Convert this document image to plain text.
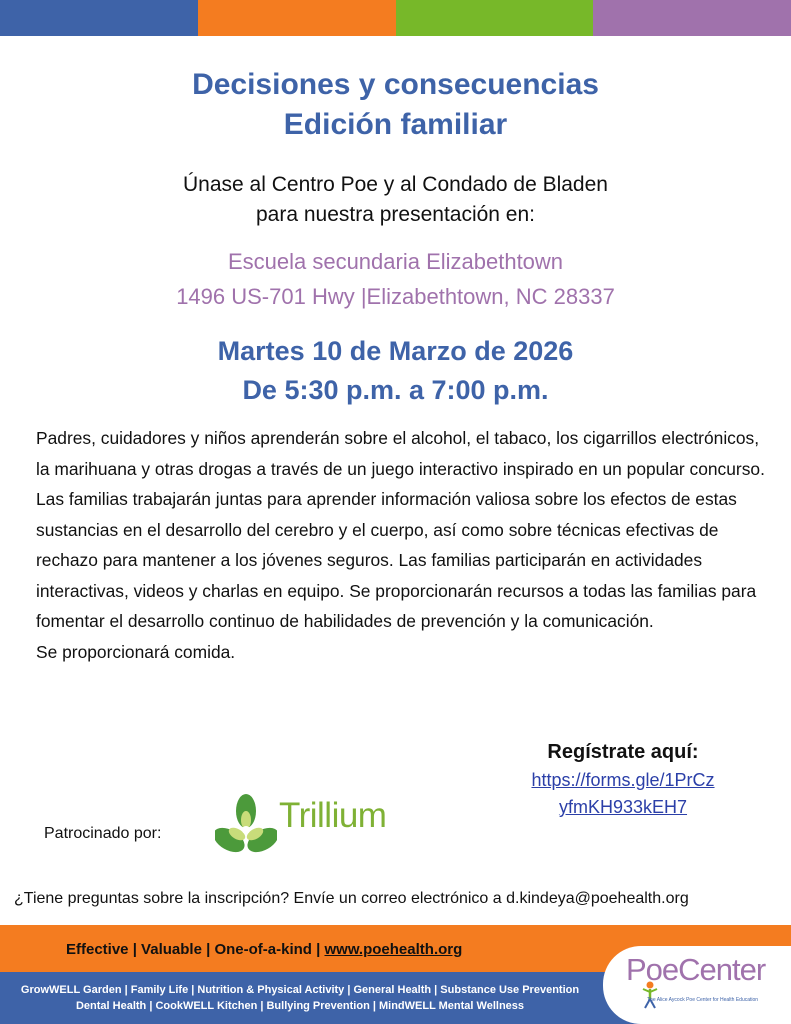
Decisiones y consecuencias
Edición familiar
Únase al Centro Poe y al Condado de Bladen
para nuestra presentación en:
Escuela secundaria Elizabethtown
1496 US-701 Hwy |Elizabethtown, NC 28337
Martes 10 de Marzo de 2026
De 5:30 p.m. a 7:00 p.m.

Padres, cuidadores y niños aprenderán sobre el alcohol, el tabaco, los cigarrillos electrónicos, la marihuana y otras drogas a través de un juego interactivo inspirado en un popular concurso. Las familias trabajarán juntas para aprender información valiosa sobre los efectos de estas sustancias en el desarrollo del cerebro y el cuerpo, así como sobre técnicas efectivas de rechazo para mantener a los jóvenes seguros. Las familias participarán en actividades interactivas, videos y charlas en equipo. Se proporcionarán recursos a todas las familias para fomentar el desarrollo continuo de habilidades de prevención y la comunicación.

Se proporcionará comida.

Regístrate aquí:
https://forms.gle/1PrCz
yfmKH933kEH7
Patrocinado por:	Trillium
¿Tiene preguntas sobre la inscripción? Envíe un correo electrónico a d.kindeya@poehealth.org
Effective | Valuable | One-of-a-kind | www.poehealth.org
GrowWELL Garden | Family Life | Nutrition & Physical Activity | General Health | Substance Use Prevention
Dental Health | CookWELL Kitchen | Bullying Prevention | MindWELL Mental Wellness
PoeCenter
The Alice Aycock Poe Center for Health Education
